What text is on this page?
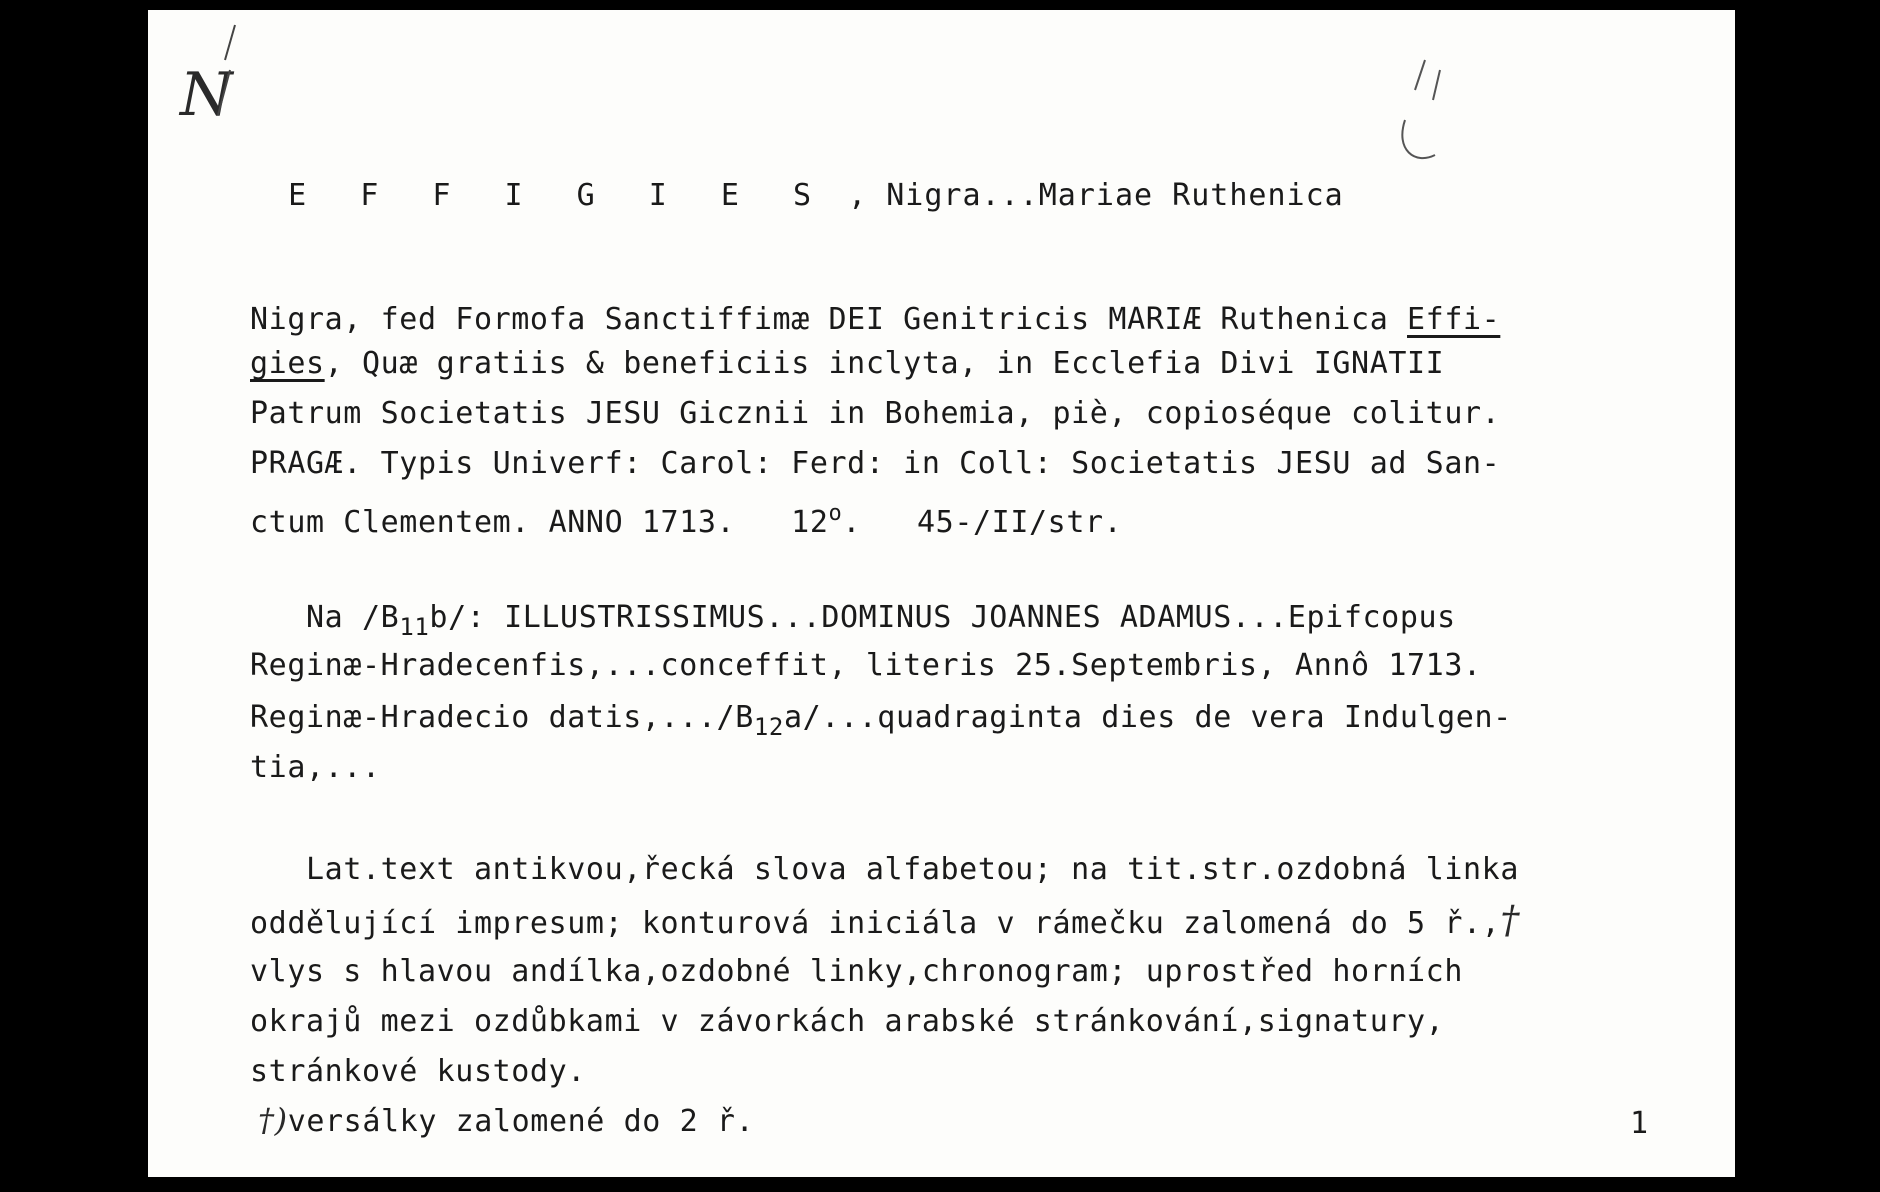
N

E F F I G I E S , Nigra...Mariae Ruthenica

Nigra, fed Formofa Sanctiffimæ DEI Genitricis MARIÆ Ruthenica Effi-
gies, Quæ gratiis & beneficiis inclyta, in Ecclefia Divi IGNATII
Patrum Societatis JESU Gicznii in Bohemia, piè, copioséque colitur.
PRAGÆ. Typis Univerf: Carol: Ferd: in Coll: Societatis JESU ad San-
ctum Clementem. ANNO 1713.   12$^o$.   45-/II/str.
Na $/B_{11}b/$: ILLUSTRISSIMUS...DOMINUS JOANNES ADAMUS...Epifcopus
Reginæ-Hradecenfis,...conceffit, literis 25.Septembris, Annô 1713.
Reginæ-Hradecio $datis,.../B_{12}a/...quadraginta$ dies de vera Indulgen-
tia,...
Lat.text antikvou,řecká slova alfabetou; na tit.str.ozdobná linka
oddělující impresum; konturová iniciála v rámečku zalomená do 5 ř.,†
vlys s hlavou andílka,ozdobné linky,chronogram; uprostřed horních
okrajů mezi ozdůbkami v závorkách arabské stránkování,signatury,
stránkové kustody.
†)versálky zalomené do 2 ř.	1
